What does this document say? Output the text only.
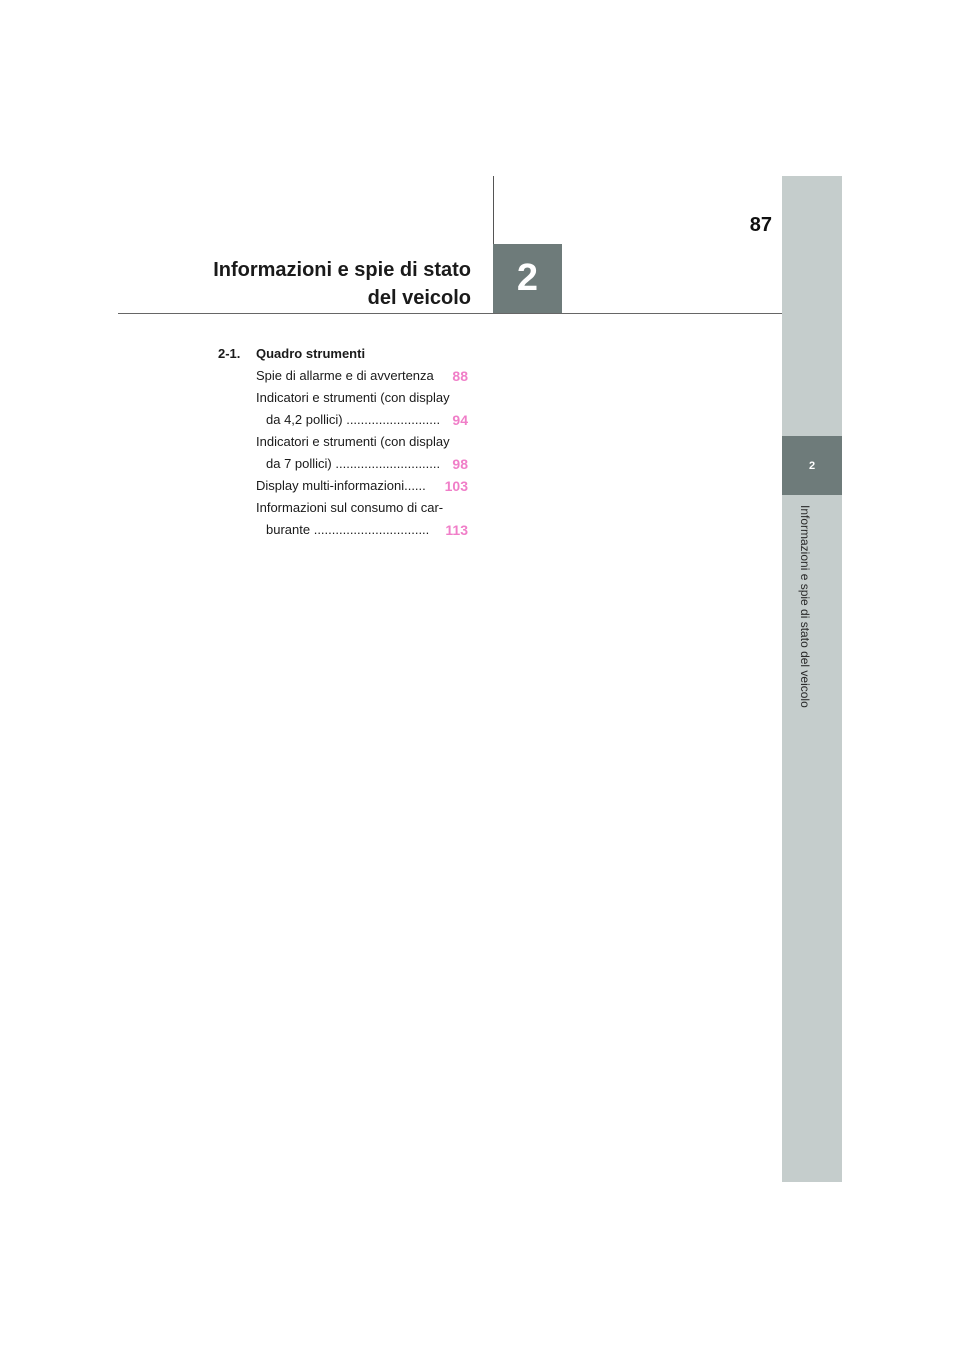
87
Informazioni e spie di stato
del veicolo	2
2
Informazioni e spie di stato del veicolo
2-1.	Quadro strumenti
Spie di allarme e di avvertenza 88
Indicatori e strumenti (con display
da 4,2 pollici) .......................... 94
Indicatori e strumenti (con display
da 7 pollici) ............................. 98
Display multi-informazioni...... 103
Informazioni sul consumo di car-
burante ................................ 113
